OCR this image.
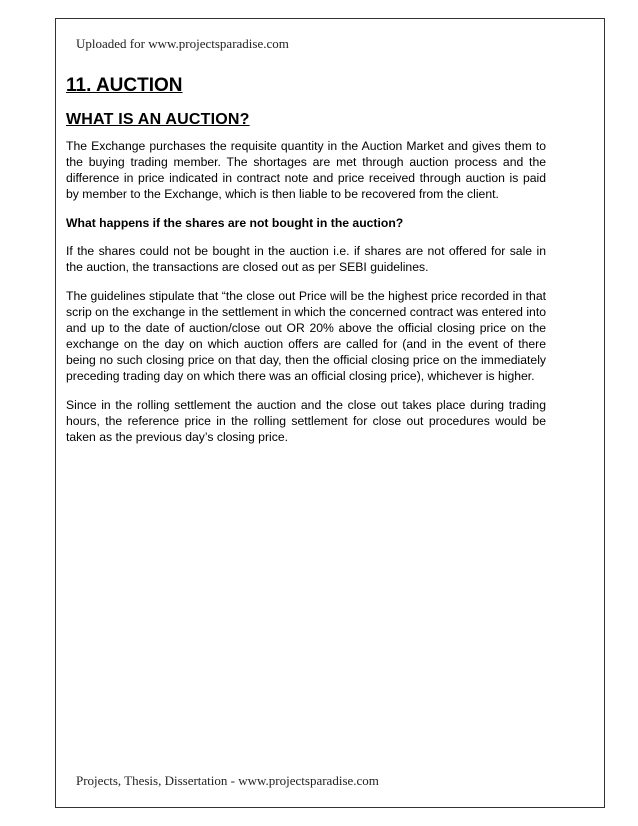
Uploaded for www.projectsparadise.com

11. AUCTION
WHAT IS AN AUCTION?

The Exchange purchases the requisite quantity in the Auction Market and gives them to the buying trading member. The shortages are met through auction process and the difference in price indicated in contract note and price received through auction is paid by member to the Exchange, which is then liable to be recovered from the client.

What happens if the shares are not bought in the auction?

If the shares could not be bought in the auction i.e. if shares are not offered for sale in the auction, the transactions are closed out as per SEBI guidelines.

The guidelines stipulate that “the close out Price will be the highest price recorded in that scrip on the exchange in the settlement in which the concerned contract was entered into and up to the date of auction/close out OR 20% above the official closing price on the exchange on the day on which auction offers are called for (and in the event of there being no such closing price on that day, then the official closing price on the immediately preceding trading day on which there was an official closing price), whichever is higher.

Since in the rolling settlement the auction and the close out takes place during trading hours, the reference price in the rolling settlement for close out procedures would be taken as the previous day’s closing price.

Projects, Thesis, Dissertation - www.projectsparadise.com
